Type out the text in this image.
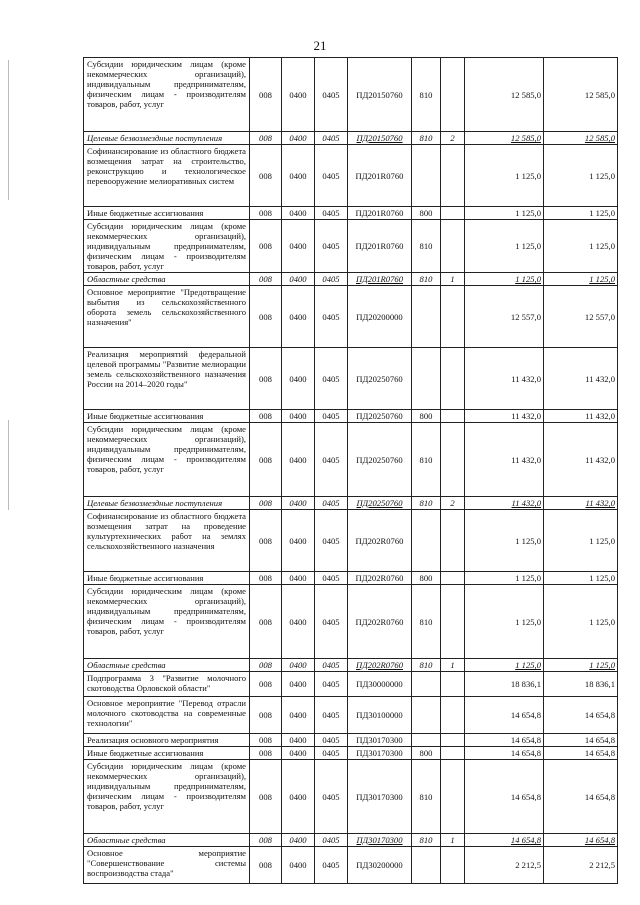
21
Субсидии юридическим лицам (кроме некоммерческих организаций), индивидуальным предпринимателям, физическим лицам - производителям товаров, работ, услуг	008	0400	0405	ПД20150760	810		12 585,0	12 585,0
Целевые безвозмездные поступления	008	0400	0405	ПД20150760	810	2	12 585,0	12 585,0
Софинансирование из областного бюджета возмещения затрат на строительство, реконструкцию и технологическое перевооружение мелиоративных систем	008	0400	0405	ПД201R0760			1 125,0	1 125,0
Иные бюджетные ассигнования	008	0400	0405	ПД201R0760	800		1 125,0	1 125,0
Субсидии юридическим лицам (кроме некоммерческих организаций), индивидуальным предпринимателям, физическим лицам - производителям товаров, работ, услуг	008	0400	0405	ПД201R0760	810		1 125,0	1 125,0
Областные средства	008	0400	0405	ПД201R0760	810	1	1 125,0	1 125,0
Основное мероприятие "Предотвращение выбытия из сельскохозяйственного оборота земель сельскохозяйственного назначения"	008	0400	0405	ПД20200000			12 557,0	12 557,0
Реализация мероприятий федеральной целевой программы "Развитие мелиорации земель сельскохозяйственного назначения России на 2014–2020 годы"	008	0400	0405	ПД20250760			11 432,0	11 432,0
Иные бюджетные ассигнования	008	0400	0405	ПД20250760	800		11 432,0	11 432,0
Субсидии юридическим лицам (кроме некоммерческих организаций), индивидуальным предпринимателям, физическим лицам - производителям товаров, работ, услуг	008	0400	0405	ПД20250760	810		11 432,0	11 432,0
Целевые безвозмездные поступления	008	0400	0405	ПД20250760	810	2	11 432,0	11 432,0
Софинансирование из областного бюджета возмещения затрат на проведение культуртехнических работ на землях сельскохозяйственного назначения	008	0400	0405	ПД202R0760			1 125,0	1 125,0
Иные бюджетные ассигнования	008	0400	0405	ПД202R0760	800		1 125,0	1 125,0
Субсидии юридическим лицам (кроме некоммерческих организаций), индивидуальным предпринимателям, физическим лицам - производителям товаров, работ, услуг	008	0400	0405	ПД202R0760	810		1 125,0	1 125,0
Областные средства	008	0400	0405	ПД202R0760	810	1	1 125,0	1 125,0
Подпрограмма 3 "Развитие молочного скотоводства Орловской области"	008	0400	0405	ПД30000000			18 836,1	18 836,1
Основное мероприятие "Перевод отрасли молочного скотоводства на современные технологии"	008	0400	0405	ПД30100000			14 654,8	14 654,8
Реализация основного мероприятия	008	0400	0405	ПД30170300			14 654,8	14 654,8
Иные бюджетные ассигнования	008	0400	0405	ПД30170300	800		14 654,8	14 654,8
Субсидии юридическим лицам (кроме некоммерческих организаций), индивидуальным предпринимателям, физическим лицам - производителям товаров, работ, услуг	008	0400	0405	ПД30170300	810		14 654,8	14 654,8
Областные средства	008	0400	0405	ПД30170300	810	1	14 654,8	14 654,8
Основное мероприятие "Совершенствование системы воспроизводства стада"	008	0400	0405	ПД30200000			2 212,5	2 212,5
